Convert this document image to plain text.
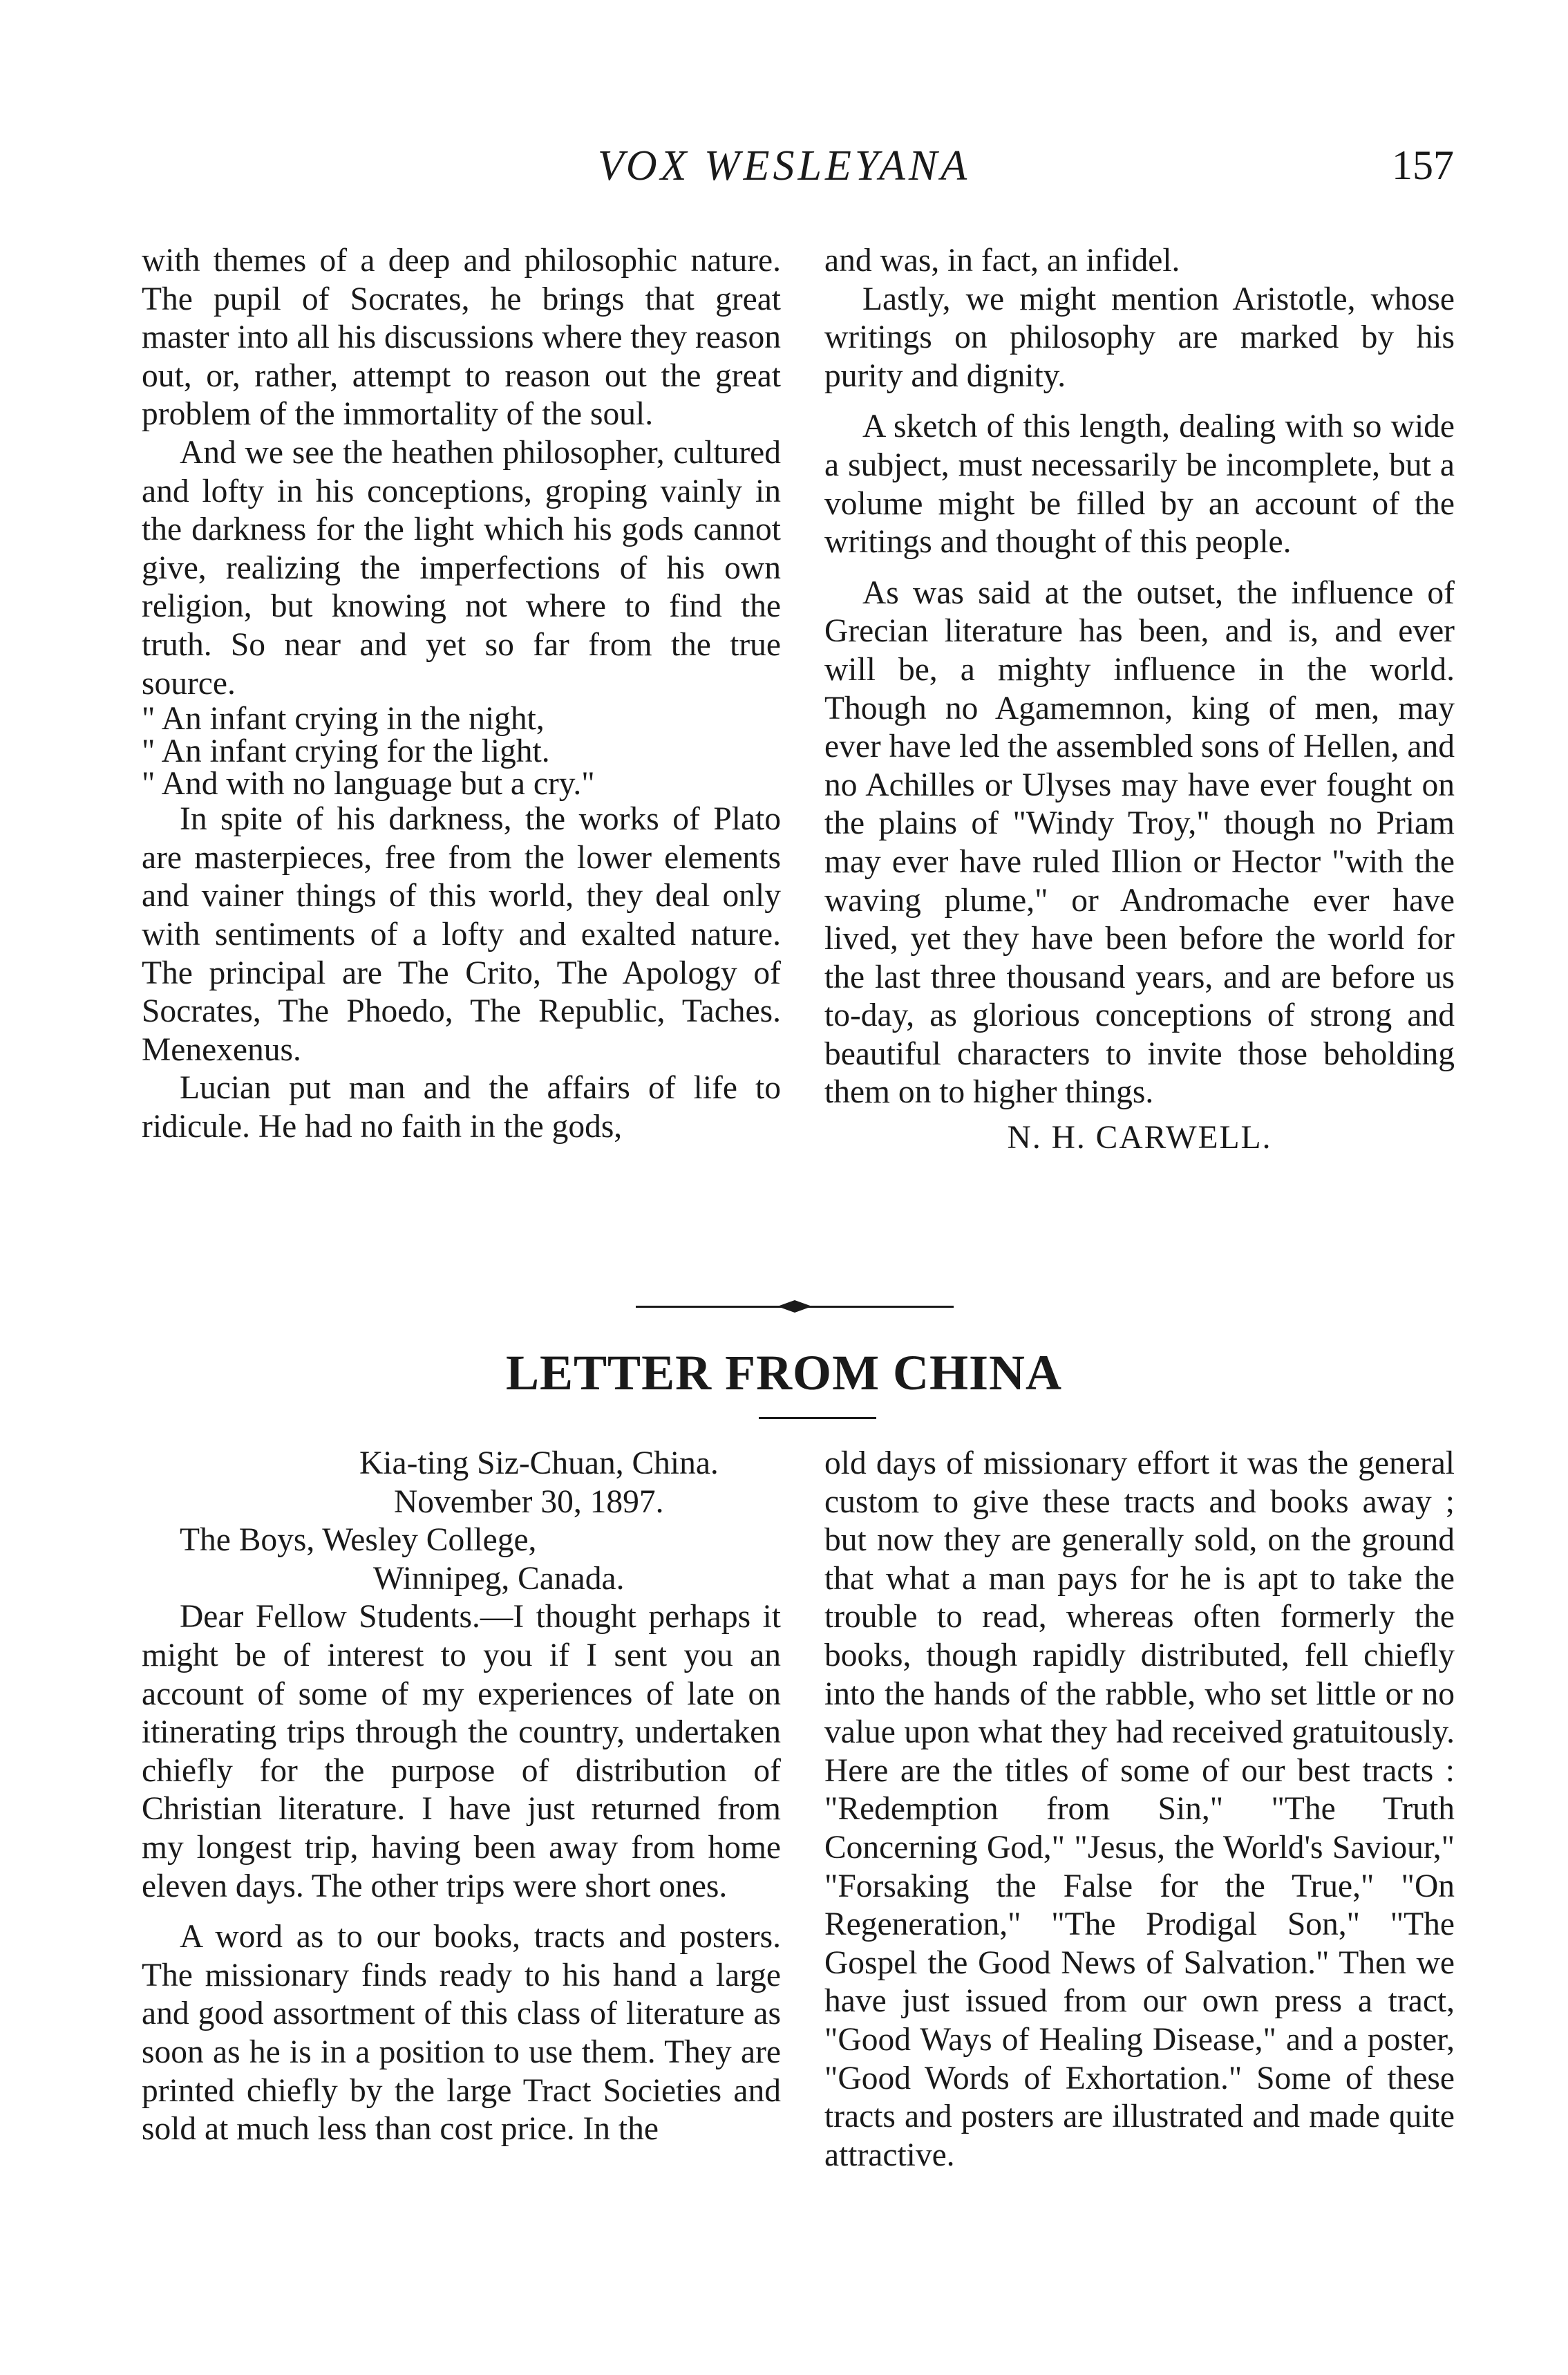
VOX WESLEYANA	157

with themes of a deep and philosophic nature. The pupil of Socrates, he brings that great master into all his discussions where they reason out, or, rather, attempt to reason out the great problem of the immortality of the soul.

And we see the heathen philosopher, cultured and lofty in his conceptions, groping vainly in the darkness for the light which his gods cannot give, realizing the imperfections of his own religion, but knowing not where to find the truth. So near and yet so far from the true source.

" An infant crying in the night,
" An infant crying for the light.
" And with no language but a cry."

In spite of his darkness, the works of Plato are masterpieces, free from the lower elements and vainer things of this world, they deal only with sentiments of a lofty and exalted nature. The principal are The Crito, The Apology of Socrates, The Phoedo, The Republic, Taches. Menexenus.

Lucian put man and the affairs of life to ridicule. He had no faith in the gods,

and was, in fact, an infidel.

Lastly, we might mention Aristotle, whose writings on philosophy are marked by his purity and dignity.

A sketch of this length, dealing with so wide a subject, must necessarily be incomplete, but a volume might be filled by an account of the writings and thought of this people.

As was said at the outset, the influence of Grecian literature has been, and is, and ever will be, a mighty influence in the world. Though no Agamemnon, king of men, may ever have led the assembled sons of Hellen, and no Achilles or Ulyses may have ever fought on the plains of "Windy Troy," though no Priam may ever have ruled Illion or Hector "with the waving plume," or Andromache ever have lived, yet they have been before the world for the last three thousand years, and are before us to-day, as glorious conceptions of strong and beautiful characters to invite those beholding them on to higher things.

N. H. CARWELL.
LETTER FROM CHINA

Kia-ting Siz-Chuan, China.

November 30, 1897.

The Boys, Wesley College,

Winnipeg, Canada.

Dear Fellow Students.—I thought perhaps it might be of interest to you if I sent you an account of some of my experiences of late on itinerating trips through the country, undertaken chiefly for the purpose of distribution of Christian literature. I have just returned from my longest trip, having been away from home eleven days. The other trips were short ones.

A word as to our books, tracts and posters. The missionary finds ready to his hand a large and good assortment of this class of literature as soon as he is in a position to use them. They are printed chiefly by the large Tract Societies and sold at much less than cost price. In the

old days of missionary effort it was the general custom to give these tracts and books away ; but now they are generally sold, on the ground that what a man pays for he is apt to take the trouble to read, whereas often formerly the books, though rapidly distributed, fell chiefly into the hands of the rabble, who set little or no value upon what they had received gratuitously. Here are the titles of some of our best tracts : "Redemption from Sin," "The Truth Concerning God," "Jesus, the World's Saviour," "Forsaking the False for the True," "On Regeneration," "The Prodigal Son," "The Gospel the Good News of Salvation." Then we have just issued from our own press a tract, "Good Ways of Healing Disease," and a poster, "Good Words of Exhortation." Some of these tracts and posters are illustrated and made quite attractive.
